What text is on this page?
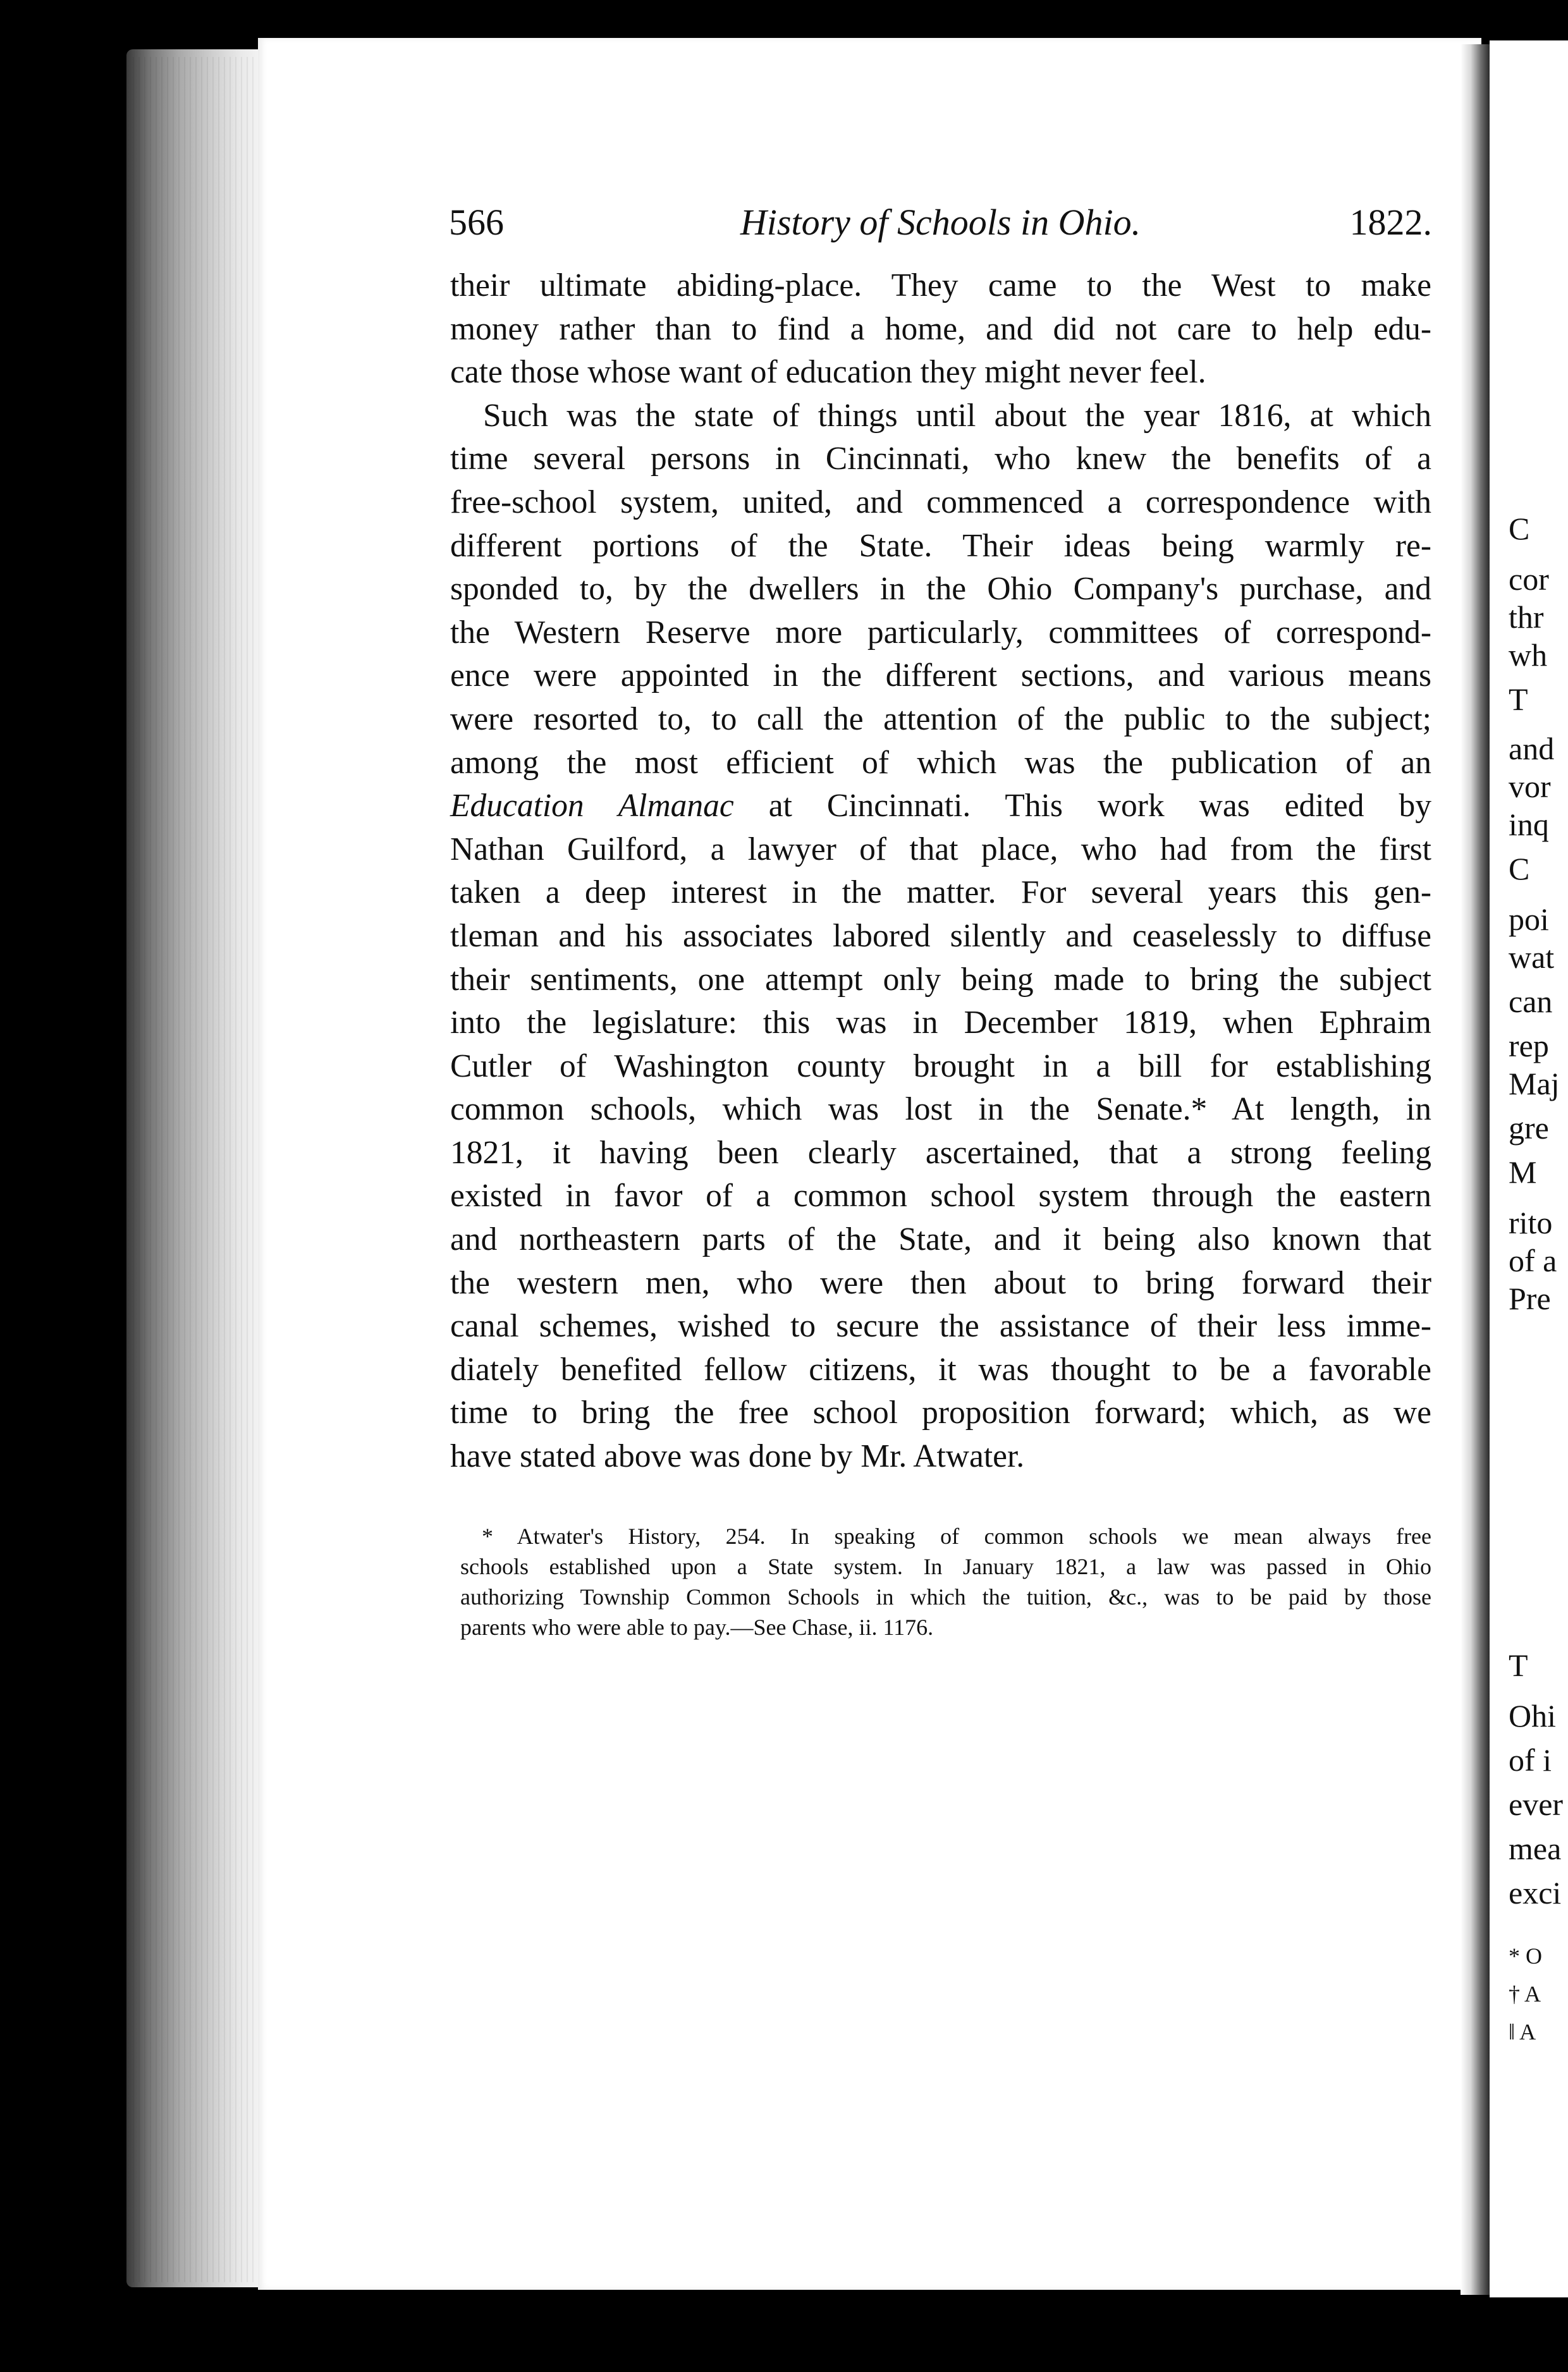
566	History of Schools in Ohio.	1822.
their ultimate abiding-place. They came to the West to make
money rather than to find a home, and did not care to help edu-
cate those whose want of education they might never feel.
Such was the state of things until about the year 1816, at which
time several persons in Cincinnati, who knew the benefits of a
free-school system, united, and commenced a correspondence with
different portions of the State. Their ideas being warmly re-
sponded to, by the dwellers in the Ohio Company's purchase, and
the Western Reserve more particularly, committees of correspond-
ence were appointed in the different sections, and various means
were resorted to, to call the attention of the public to the subject;
among the most efficient of which was the publication of an
Education Almanac at Cincinnati. This work was edited by
Nathan Guilford, a lawyer of that place, who had from the first
taken a deep interest in the matter. For several years this gen-
tleman and his associates labored silently and ceaselessly to diffuse
their sentiments, one attempt only being made to bring the subject
into the legislature: this was in December 1819, when Ephraim
Cutler of Washington county brought in a bill for establishing
common schools, which was lost in the Senate.* At length, in
1821, it having been clearly ascertained, that a strong feeling
existed in favor of a common school system through the eastern
and northeastern parts of the State, and it being also known that
the western men, who were then about to bring forward their
canal schemes, wished to secure the assistance of their less imme-
diately benefited fellow citizens, it was thought to be a favorable
time to bring the free school proposition forward; which, as we
have stated above was done by Mr. Atwater.
* Atwater's History, 254. In speaking of common schools we mean always free
schools established upon a State system. In January 1821, a law was passed in Ohio
authorizing Township Common Schools in which the tuition, &c., was to be paid by those
parents who were able to pay.—See Chase, ii. 1176.
C
cor
thr
wh
T
and
vor
inq
C
poi
wat
can
rep
Maj
gre
M
rito
of a
Pre
T
Ohi
of i
ever
mea
exci
* O
† A
‖ A
